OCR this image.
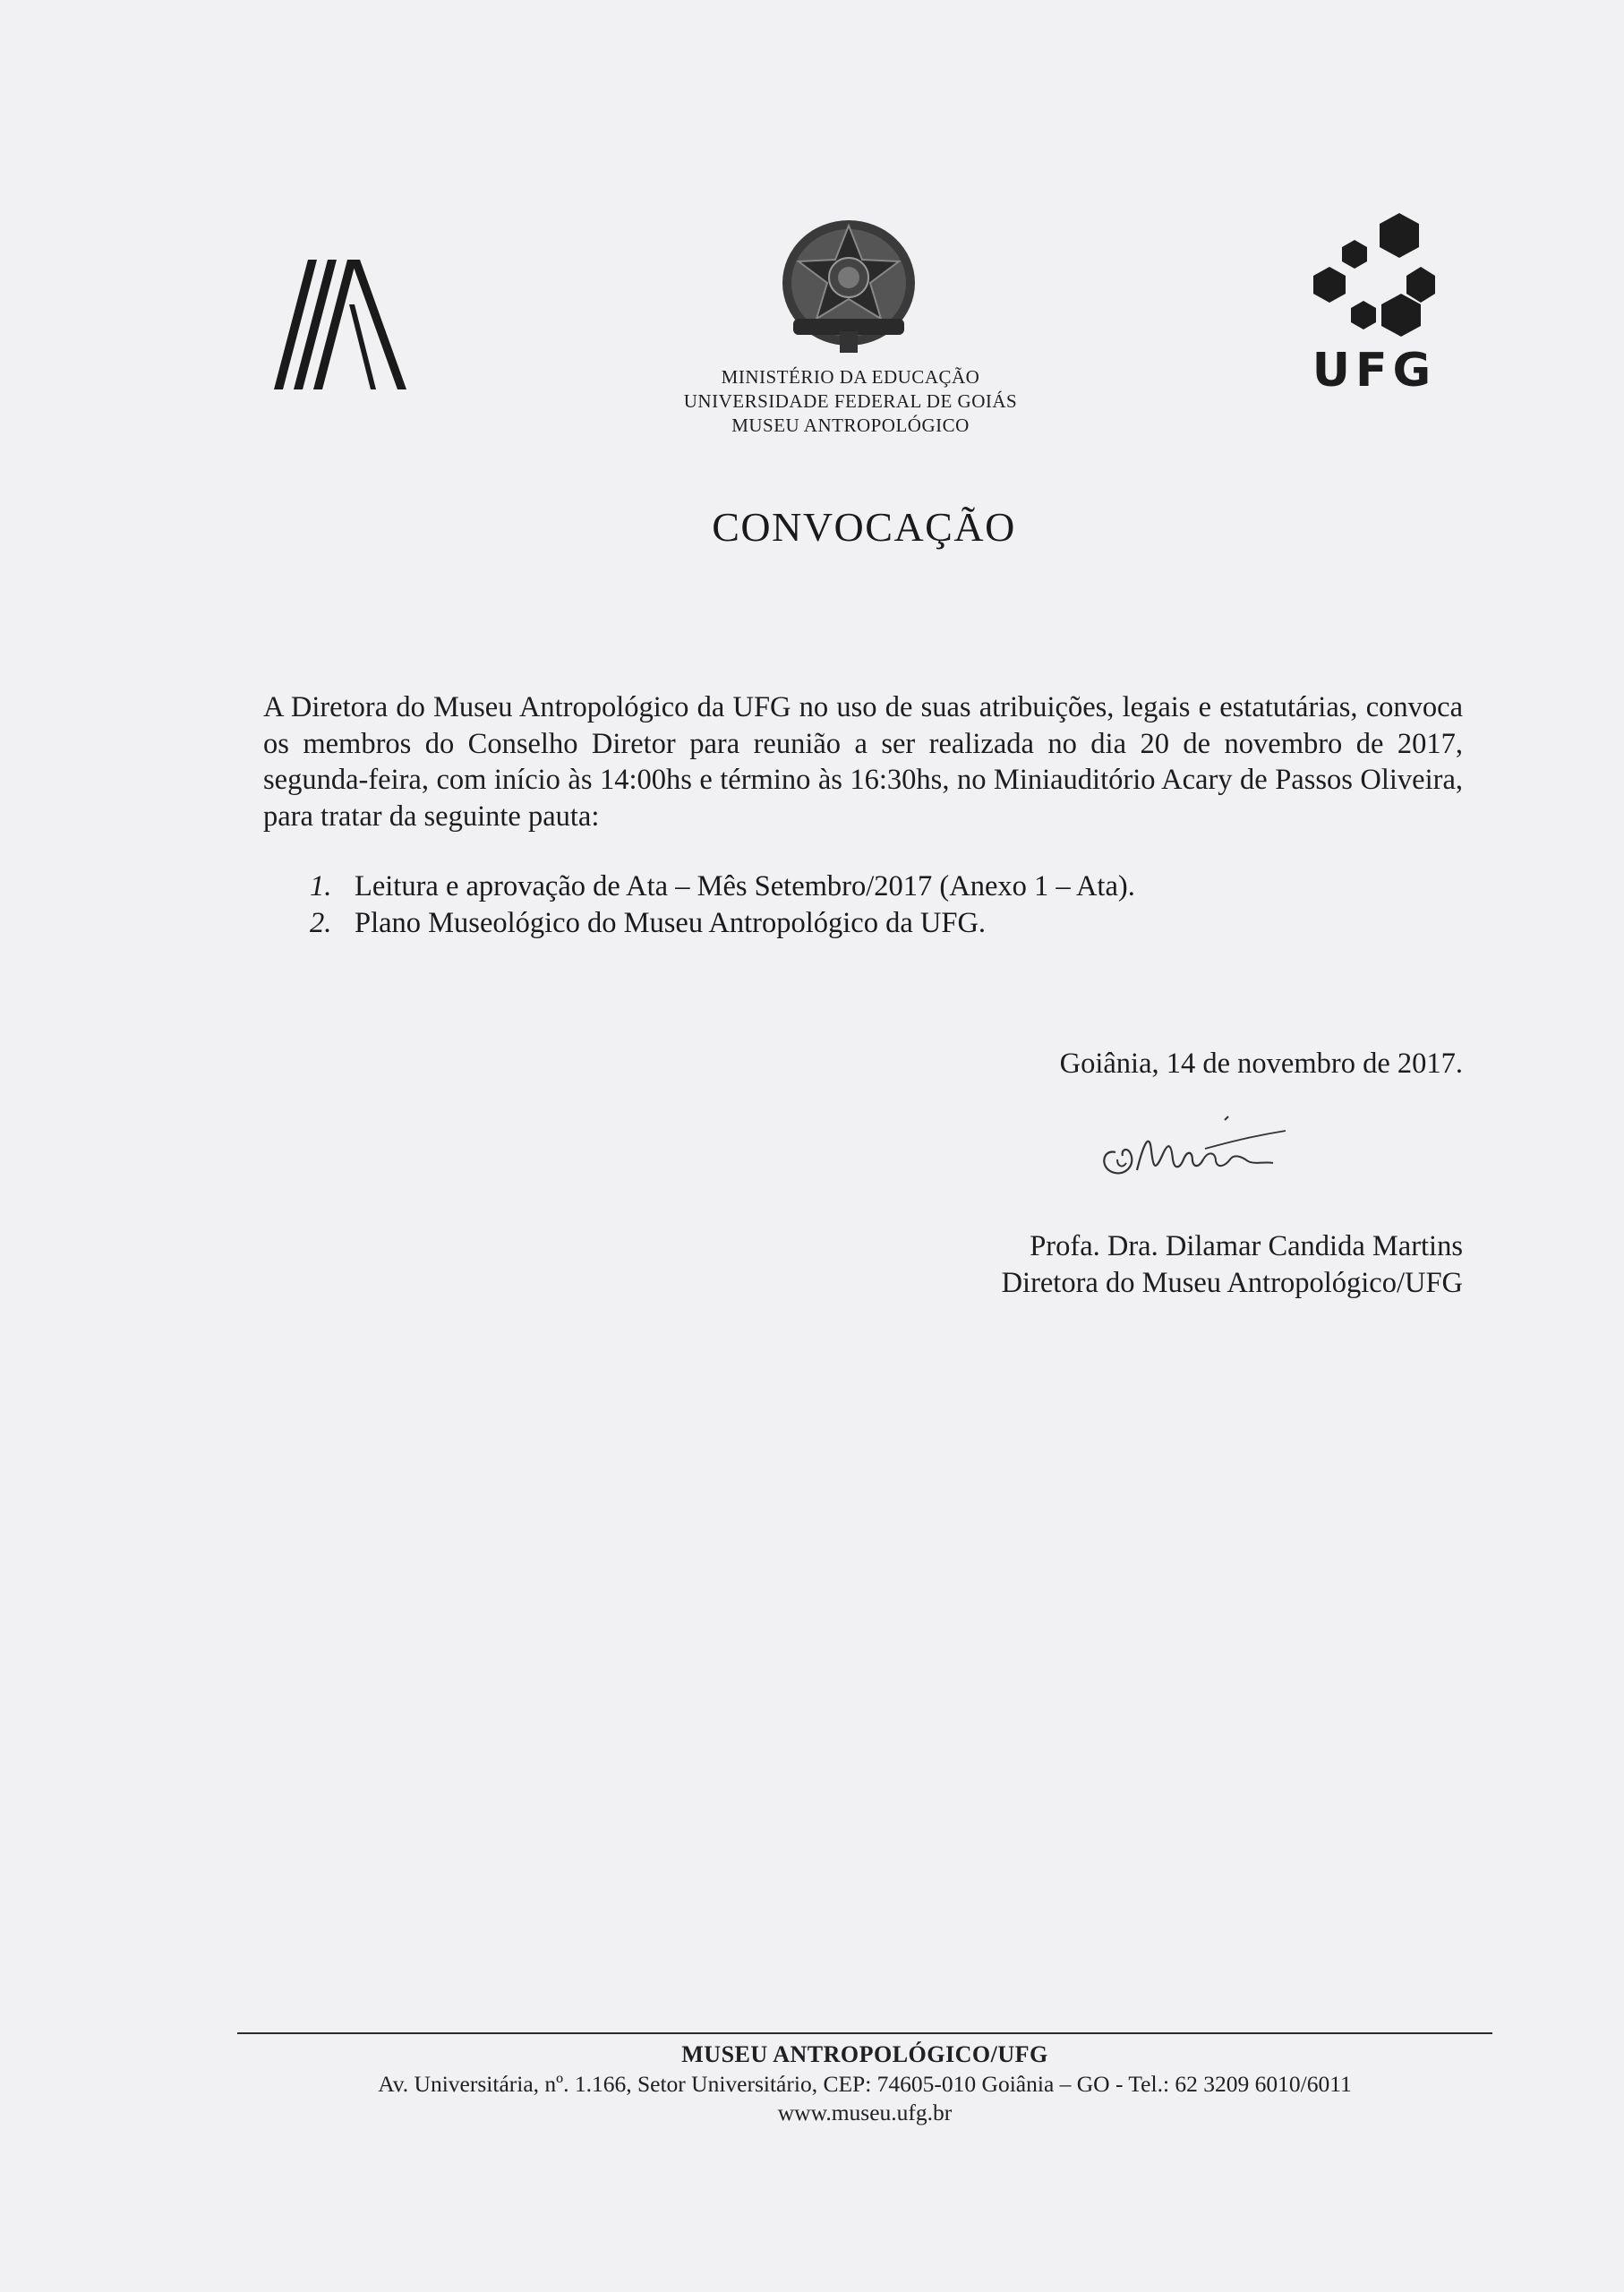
MINISTÉRIO DA EDUCAÇÃO
UNIVERSIDADE FEDERAL DE GOIÁS
MUSEU ANTROPOLÓGICO
UFG
CONVOCAÇÃO
A Diretora do Museu Antropológico da UFG no uso de suas atribuições, legais e estatutárias, convoca os membros do Conselho Diretor para reunião a ser realizada no dia 20 de novembro de 2017, segunda-feira, com início às 14:00hs e término às 16:30hs, no Miniauditório Acary de Passos Oliveira, para tratar da seguinte pauta:
1. Leitura e aprovação de Ata – Mês Setembro/2017 (Anexo 1 – Ata).
2. Plano Museológico do Museu Antropológico da UFG.
Goiânia, 14 de novembro de 2017.
Profa. Dra. Dilamar Candida Martins
Diretora do Museu Antropológico/UFG
MUSEU ANTROPOLÓGICO/UFG
Av. Universitária, nº. 1.166, Setor Universitário, CEP: 74605-010 Goiânia – GO - Tel.: 62 3209 6010/6011
www.museu.ufg.br
